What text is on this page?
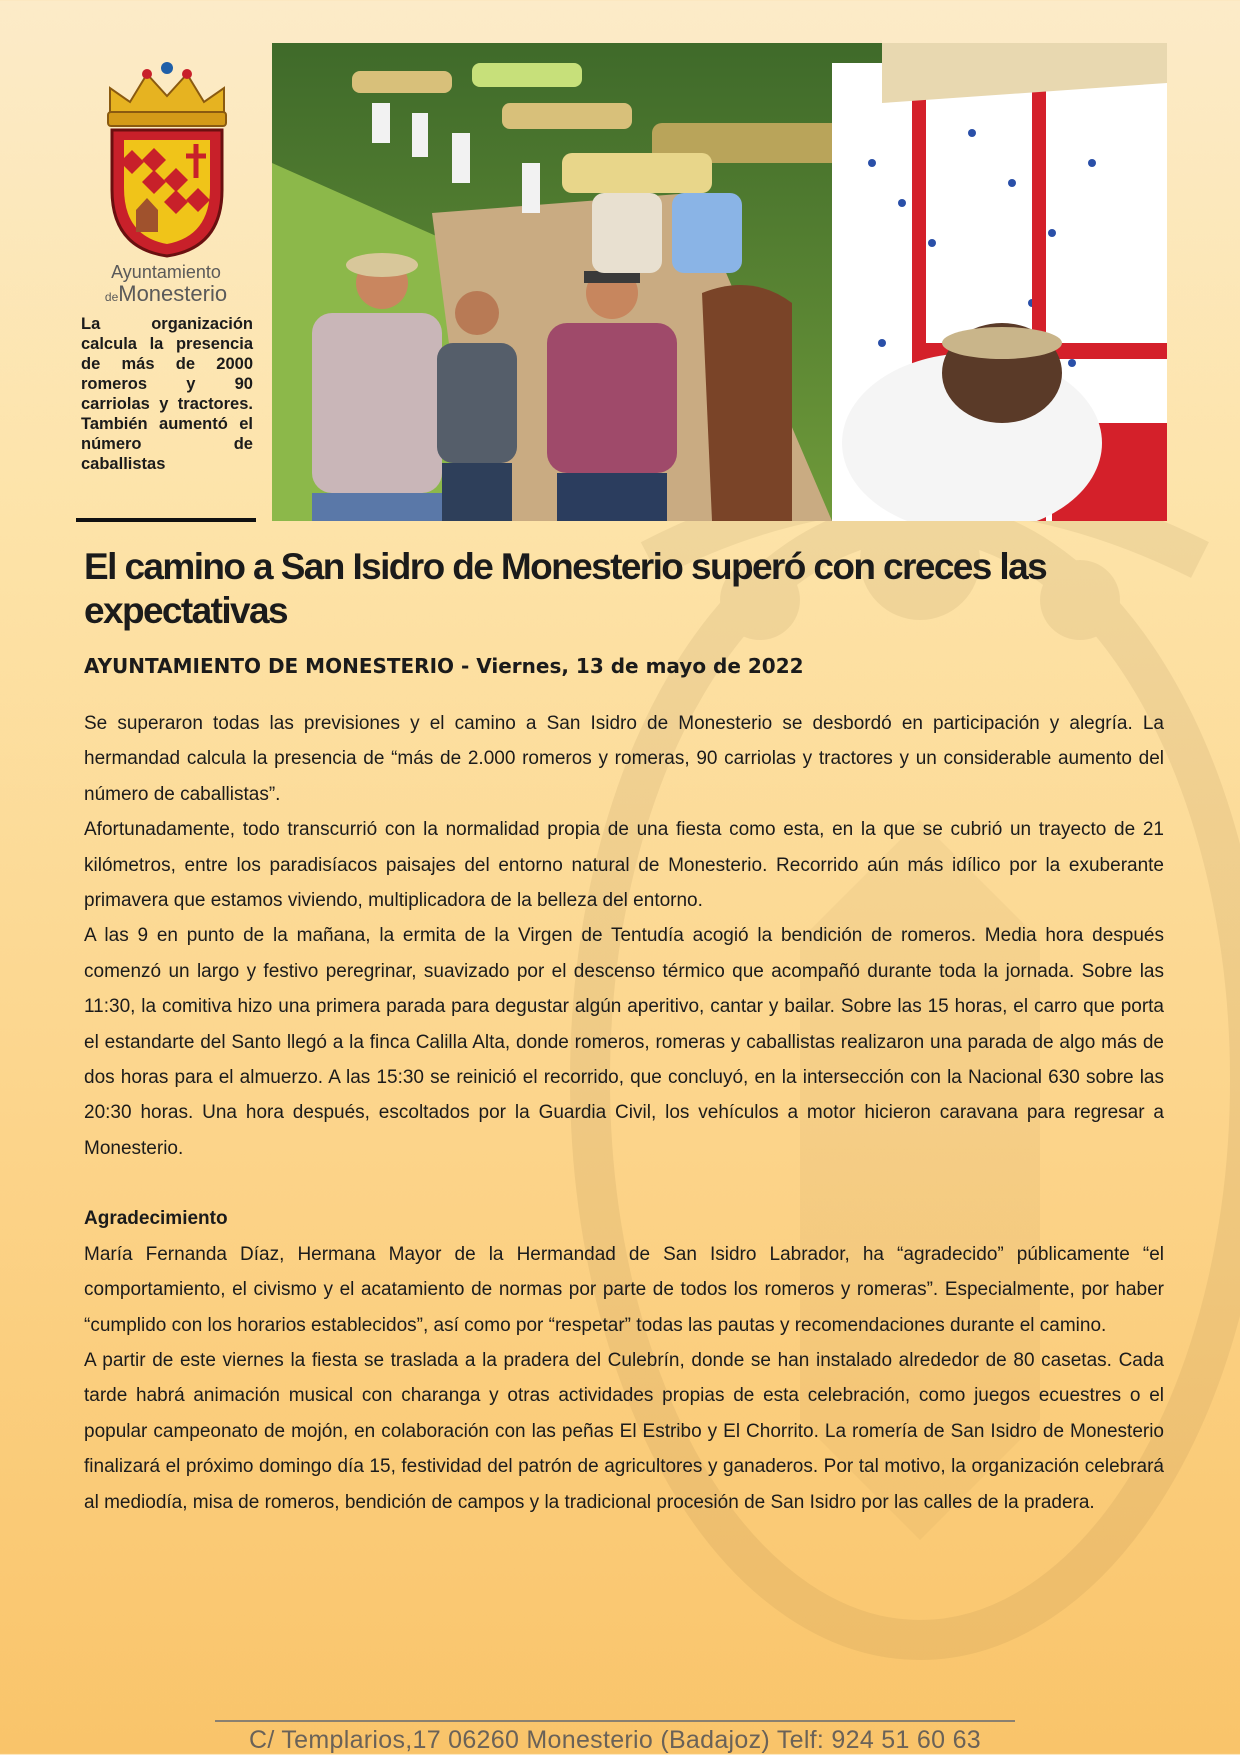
Ayuntamiento
deMonesterio

La organización calcula la presencia de más de 2000 romeros y 90 carriolas y tractores. También aumentó el número de caballistas

El camino a San Isidro de Monesterio superó con creces las expectativas

AYUNTAMIENTO DE MONESTERIO - Viernes, 13 de mayo de 2022

Se superaron todas las previsiones y el camino a San Isidro de Monesterio se desbordó en participación y alegría. La hermandad calcula la presencia de “más de 2.000 romeros y romeras, 90 carriolas y tractores y un considerable aumento del número de caballistas”.

Afortunadamente, todo transcurrió con la normalidad propia de una fiesta como esta, en la que se cubrió un trayecto de 21 kilómetros, entre los paradisíacos paisajes del entorno natural de Monesterio. Recorrido aún más idílico por la exuberante primavera que estamos viviendo, multiplicadora de la belleza del entorno.

A las 9 en punto de la mañana, la ermita de la Virgen de Tentudía acogió la bendición de romeros. Media hora después comenzó un largo y festivo peregrinar, suavizado por el descenso térmico que acompañó durante toda la jornada. Sobre las 11:30, la comitiva hizo una primera parada para degustar algún aperitivo, cantar y bailar. Sobre las 15 horas, el carro que porta el estandarte del Santo llegó a la finca Calilla Alta, donde romeros, romeras y caballistas realizaron una parada de algo más de dos horas para el almuerzo. A las 15:30 se reinició el recorrido, que concluyó, en la intersección con la Nacional 630 sobre las 20:30 horas. Una hora después, escoltados por la Guardia Civil, los vehículos a motor hicieron caravana para regresar a Monesterio.

Agradecimiento

María Fernanda Díaz, Hermana Mayor de la Hermandad de San Isidro Labrador, ha “agradecido” públicamente “el comportamiento, el civismo y el acatamiento de normas por parte de todos los romeros y romeras”. Especialmente, por haber “cumplido con los horarios establecidos”, así como por “respetar” todas las pautas y recomendaciones durante el camino.

A partir de este viernes la fiesta se traslada a la pradera del Culebrín, donde se han instalado alrededor de 80 casetas. Cada tarde habrá animación musical con charanga y otras actividades propias de esta celebración, como juegos ecuestres o el popular campeonato de mojón, en colaboración con las peñas El Estribo y El Chorrito. La romería de San Isidro de Monesterio finalizará el próximo domingo día 15, festividad del patrón de agricultores y ganaderos. Por tal motivo, la organización celebrará al mediodía, misa de romeros, bendición de campos y la tradicional procesión de San Isidro por las calles de la pradera.

C/ Templarios,17 06260 Monesterio (Badajoz) Telf: 924 51 60 63
